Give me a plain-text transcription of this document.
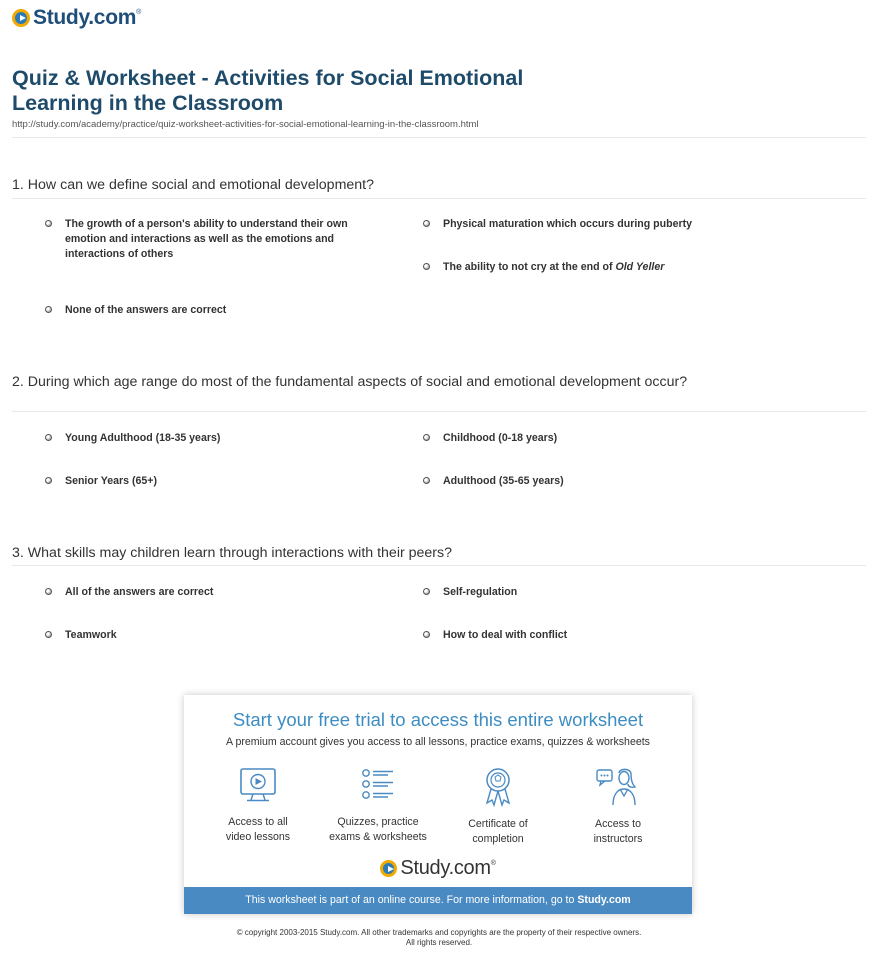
Study.com®
Quiz & Worksheet - Activities for Social Emotional Learning in the Classroom
http://study.com/academy/practice/quiz-worksheet-activities-for-social-emotional-learning-in-the-classroom.html
1. How can we define social and emotional development?
The growth of a person's ability to understand their own emotion and interactions as well as the emotions and interactions of others
Physical maturation which occurs during puberty
The ability to not cry at the end of Old Yeller
None of the answers are correct
2. During which age range do most of the fundamental aspects of social and emotional development occur?
Young Adulthood (18-35 years)	Childhood (0-18 years)
Senior Years (65+)	Adulthood (35-65 years)
3. What skills may children learn through interactions with their peers?
All of the answers are correct	Self-regulation
Teamwork	How to deal with conflict
Start your free trial to access this entire worksheet
A premium account gives you access to all lessons, practice exams, quizzes & worksheets
Access to all
video lessons
Quizzes, practice
exams & worksheets
Certificate of
completion
Access to
instructors
Study.com®
This worksheet is part of an online course. For more information, go to Study.com
© copyright 2003-2015 Study.com. All other trademarks and copyrights are the property of their respective owners.
All rights reserved.
